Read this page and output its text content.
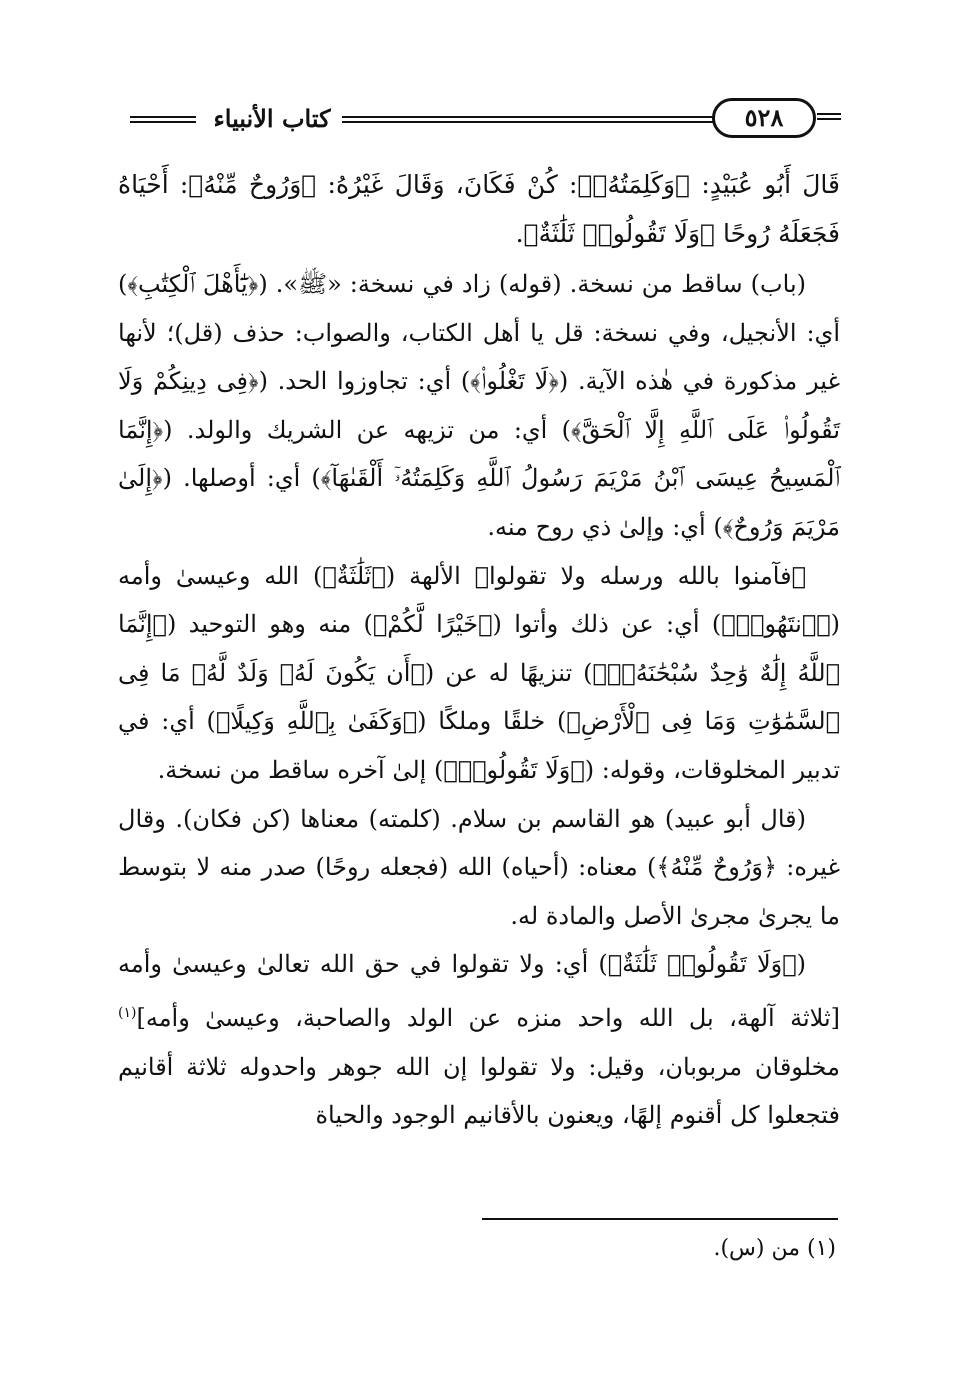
كتاب الأنبياء	٥٢٨

قَالَ أَبُو عُبَيْدٍ: ﴿وَكَلِمَتُهُۥ﴾: كُنْ فَكَانَ، وَقَالَ غَيْرُهُ: ﴿وَرُوحٌ مِّنْهُ﴾: أَحْيَاهُ فَجَعَلَهُ رُوحًا ﴿وَلَا تَقُولُوا۟ ثَلَٰثَةٌ﴾.

(باب) ساقط من نسخة. (قوله) زاد في نسخة: «ﷺ». (﴿يَٰٓأَهْلَ ٱلْكِتَٰبِ﴾) أي: الأنجيل، وفي نسخة: قل يا أهل الكتاب، والصواب: حذف (قل)؛ لأنها غير مذكورة في هٰذه الآية. (﴿لَا تَغْلُوا۟﴾) أي: تجاوزوا الحد. (﴿فِى دِينِكُمْ وَلَا تَقُولُوا۟ عَلَى ٱللَّهِ إِلَّا ٱلْحَقَّ﴾) أي: من تزيهه عن الشريك والولد. (﴿إِنَّمَا ٱلْمَسِيحُ عِيسَى ٱبْنُ مَرْيَمَ رَسُولُ ٱللَّهِ وَكَلِمَتُهُۥٓ أَلْقَىٰهَآ﴾) أي: أوصلها. (﴿إِلَىٰ مَرْيَمَ وَرُوحٌ﴾) أي: وإلىٰ ذي روح منه.

﴿فآمنوا بالله ورسله ولا تقولوا﴾ الألهة (﴿ثَلَٰثَةٌ﴾) الله وعيسىٰ وأمه (﴿ٱنتَهُوا۟﴾) أي: عن ذلك وأتوا (﴿خَيْرًا لَّكُمْ﴾) منه وهو التوحيد (﴿إِنَّمَا ٱللَّهُ إِلَٰهٌ وَٰحِدٌ سُبْحَٰنَهُۥٓ﴾) تنزيهًا له عن (﴿أَن يَكُونَ لَهُۥ وَلَدٌ لَّهُۥ مَا فِى ٱلسَّمَٰوَٰتِ وَمَا فِى ٱلْأَرْضِ﴾) خلقًا وملكًا (﴿وَكَفَىٰ بِٱللَّهِ وَكِيلًا﴾) أي: في تدبير المخلوقات، وقوله: (﴿وَلَا تَقُولُوا۟﴾) إلىٰ آخره ساقط من نسخة.

(قال أبو عبيد) هو القاسم بن سلام. (كلمته) معناها (كن فكان). وقال غيره: ﴿وَرُوحٌ مِّنْهُ﴾) معناه: (أحياه) الله (فجعله روحًا) صدر منه لا بتوسط ما يجرىٰ مجرىٰ الأصل والمادة له.

(﴿وَلَا تَقُولُوا۟ ثَلَٰثَةٌ﴾) أي: ولا تقولوا في حق الله تعالىٰ وعيسىٰ وأمه [ثلاثة آلهة، بل الله واحد منزه عن الولد والصاحبة، وعيسىٰ وأمه]$^{(١)}$ مخلوقان مربوبان، وقيل: ولا تقولوا إن الله جوهر واحدوله ثلاثة أقانيم فتجعلوا كل أقنوم إلهًا، ويعنون بالأقانيم الوجود والحياة

(١) من (س).
